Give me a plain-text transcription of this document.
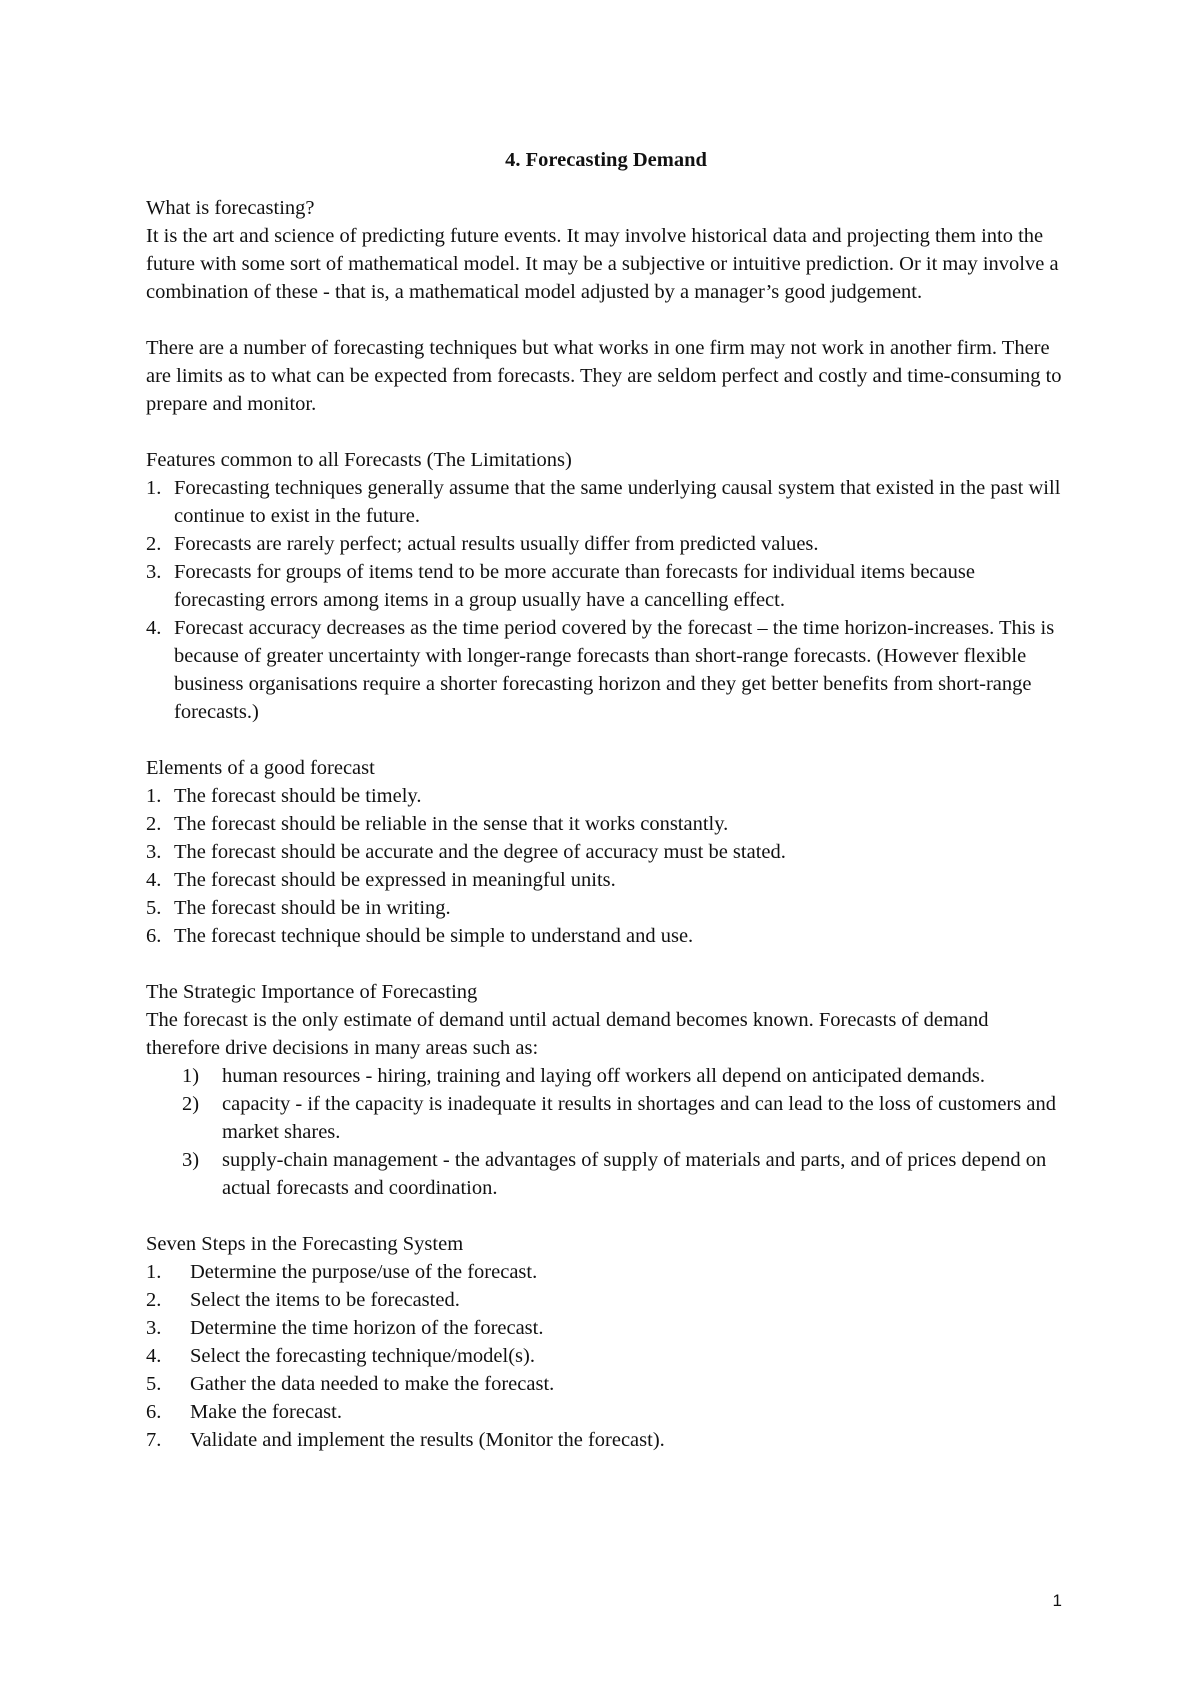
4. Forecasting Demand

What is forecasting?

It is the art and science of predicting future events. It may involve historical data and projecting them into the future with some sort of mathematical model. It may be a subjective or intuitive prediction. Or it may involve a combination of these - that is, a mathematical model adjusted by a manager’s good judgement.

There are a number of forecasting techniques but what works in one firm may not work in another firm. There are limits as to what can be expected from forecasts. They are seldom perfect and costly and time-consuming to prepare and monitor.

Features common to all Forecasts (The Limitations)

1. Forecasting techniques generally assume that the same underlying causal system that existed in the past will continue to exist in the future.
2. Forecasts are rarely perfect; actual results usually differ from predicted values.
3. Forecasts for groups of items tend to be more accurate than forecasts for individual items because forecasting errors among items in a group usually have a cancelling effect.
4. Forecast accuracy decreases as the time period covered by the forecast – the time horizon-increases. This is because of greater uncertainty with longer-range forecasts than short-range forecasts. (However flexible business organisations require a shorter forecasting horizon and they get better benefits from short-range forecasts.)

Elements of a good forecast

1. The forecast should be timely.
2. The forecast should be reliable in the sense that it works constantly.
3. The forecast should be accurate and the degree of accuracy must be stated.
4. The forecast should be expressed in meaningful units.
5. The forecast should be in writing.
6. The forecast technique should be simple to understand and use.

The Strategic Importance of Forecasting

The forecast is the only estimate of demand until actual demand becomes known. Forecasts of demand therefore drive decisions in many areas such as:

1) human resources - hiring, training and laying off workers all depend on anticipated demands.
2) capacity - if the capacity is inadequate it results in shortages and can lead to the loss of customers and market shares.
3) supply-chain management - the advantages of supply of materials and parts, and of prices depend on actual forecasts and coordination.

Seven Steps in the Forecasting System

1. Determine the purpose/use of the forecast.
2. Select the items to be forecasted.
3. Determine the time horizon of the forecast.
4. Select the forecasting technique/model(s).
5. Gather the data needed to make the forecast.
6. Make the forecast.
7. Validate and implement the results (Monitor the forecast).
1
